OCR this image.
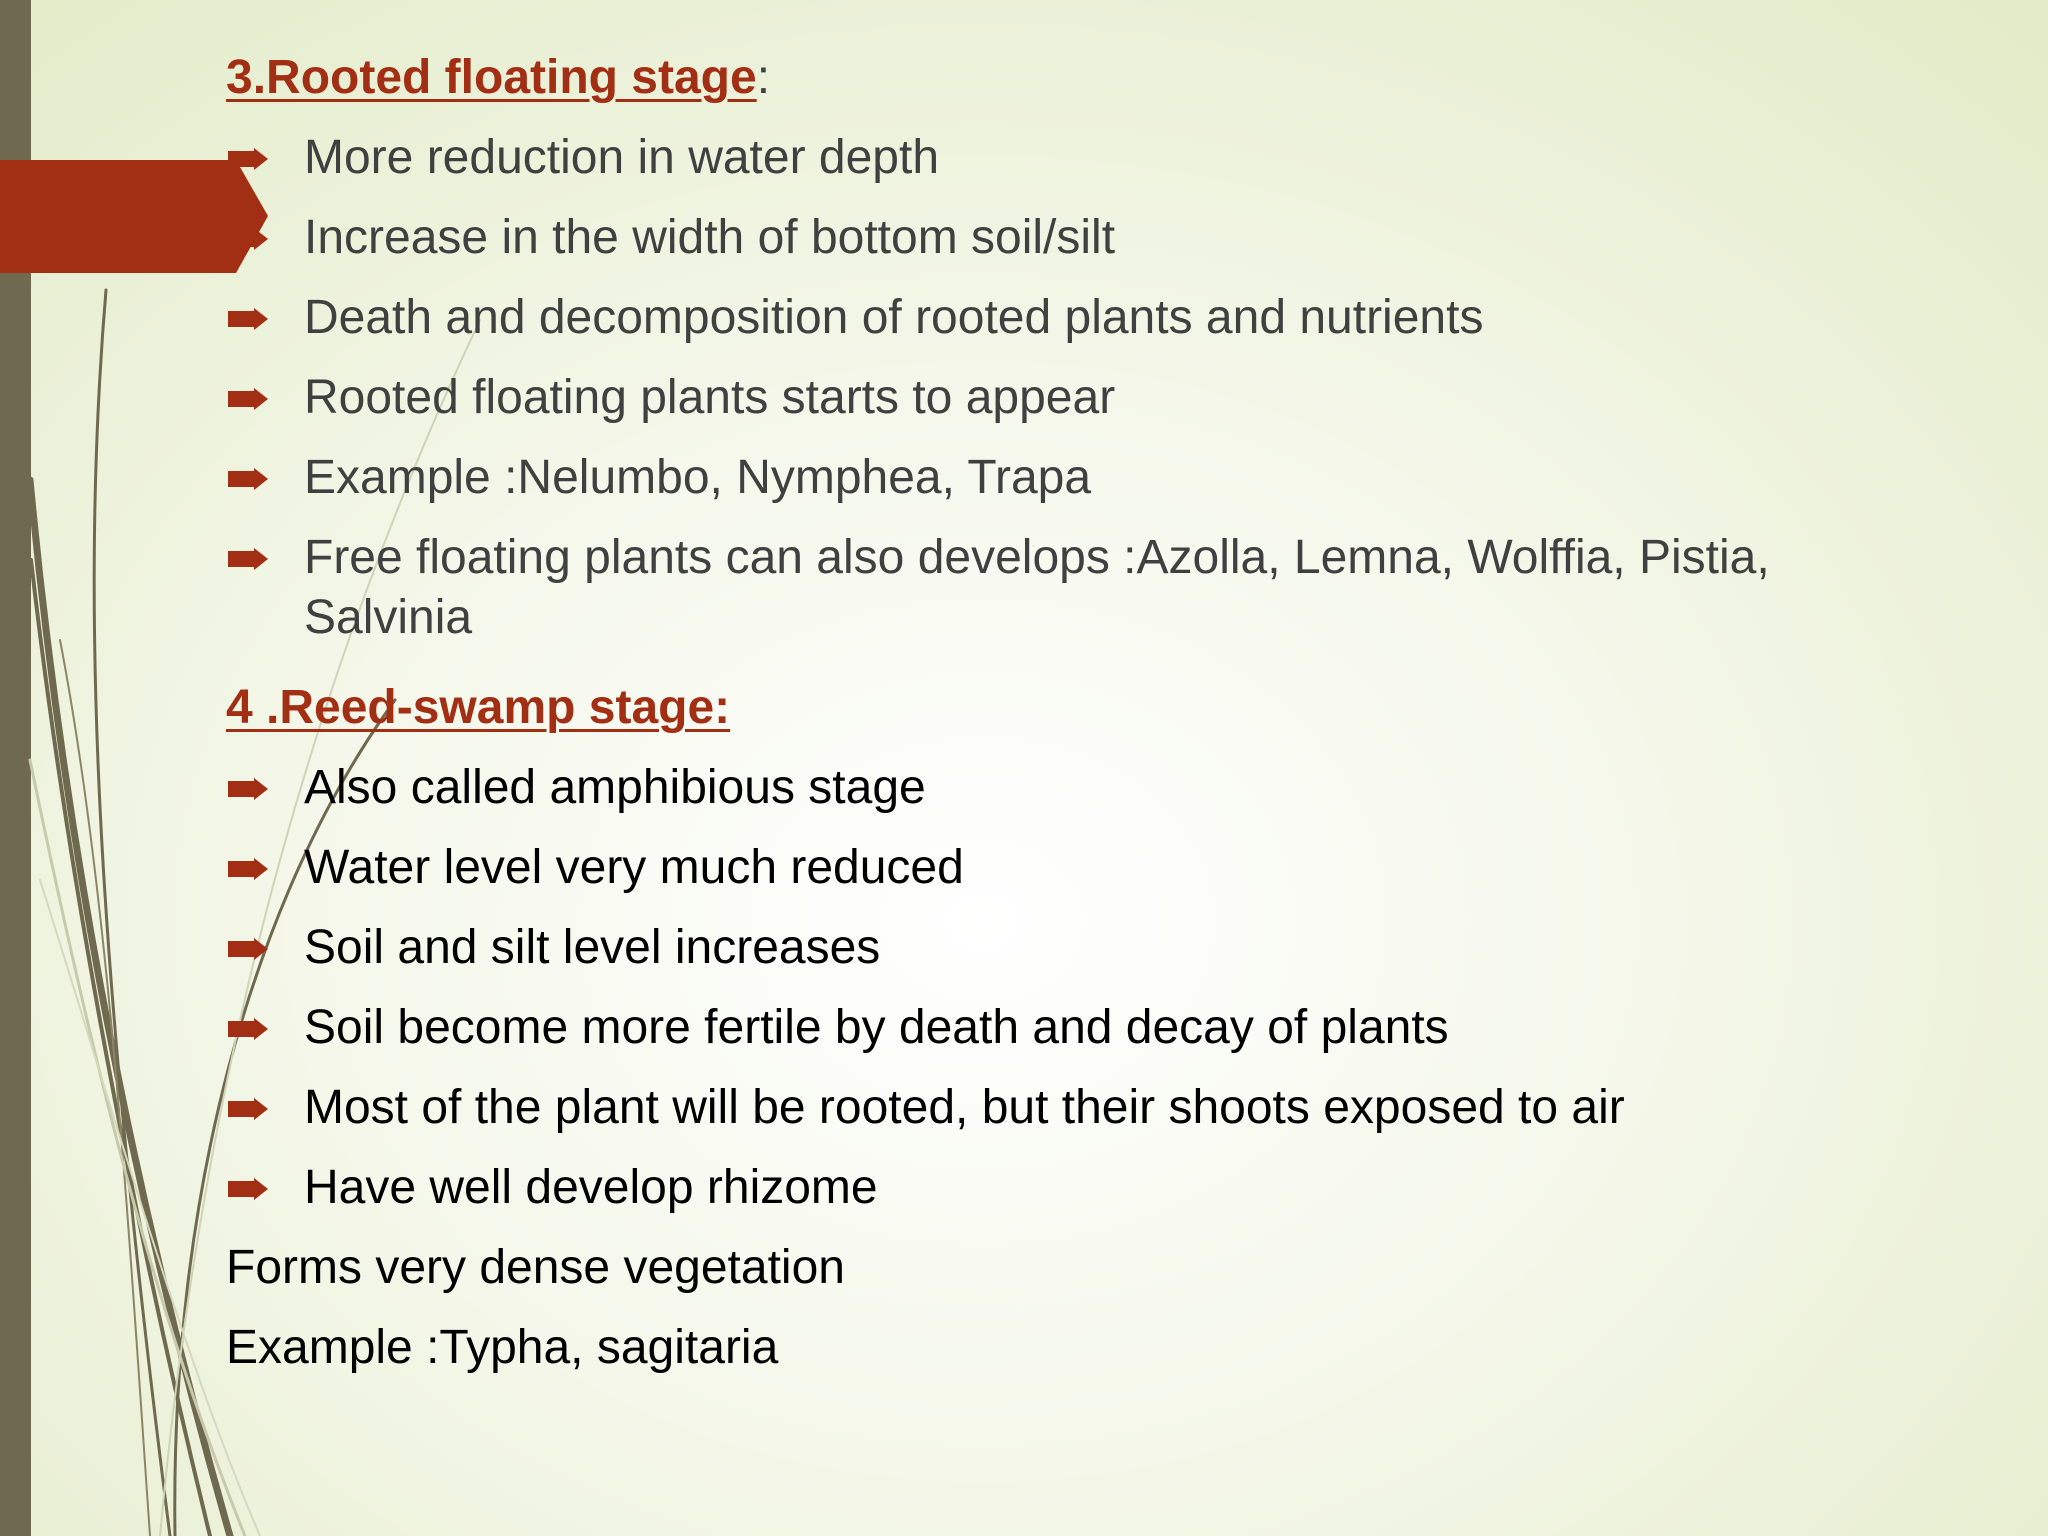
3.Rooted floating stage:
More reduction in water depth
Increase in the width of bottom soil/silt
Death and decomposition of rooted plants and nutrients
Rooted floating plants starts to appear
Example :Nelumbo, Nymphea, Trapa
Free floating plants can also develops :Azolla, Lemna, Wolffia, Pistia, Salvinia
4 .Reed-swamp stage:
Also called amphibious stage
Water level very much reduced
Soil and silt level increases
Soil become more fertile by death and decay of plants
Most of the plant will be rooted, but their shoots exposed to air
Have well develop rhizome
Forms very dense vegetation
Example :Typha, sagitaria
